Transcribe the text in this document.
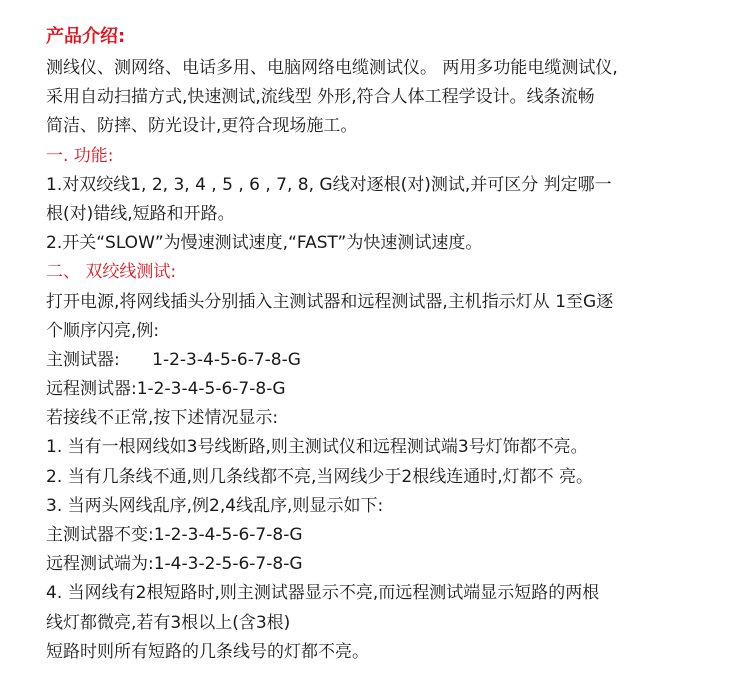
产品介绍:
测线仪、测网络、电话多用、电脑网络电缆测试仪。 两用多功能电缆测试仪,
采用自动扫描方式,快速测试,流线型 外形,符合人体工程学设计。线条流畅
简洁、防摔、防光设计,更符合现场施工。
一. 功能:
1.对双绞线1, 2, 3, 4 , 5 , 6 , 7, 8, G线对逐根(对)测试,并可区分 判定哪一
根(对)错线,短路和开路。
2.开关“SLOW”为慢速测试速度,“FAST”为快速测试速度。
二、 双绞线测试:
打开电源,将网线插头分别插入主测试器和远程测试器,主机指示灯从 1至G逐
个顺序闪亮,例:
主测试器:      1-2-3-4-5-6-7-8-G
远程测试器:1-2-3-4-5-6-7-8-G
若接线不正常,按下述情况显示:
1. 当有一根网线如3号线断路,则主测试仪和远程测试端3号灯饰都不亮。
2. 当有几条线不通,则几条线都不亮,当网线少于2根线连通时,灯都不 亮。
3. 当两头网线乱序,例2,4线乱序,则显示如下:
主测试器不变:1-2-3-4-5-6-7-8-G
远程测试端为:1-4-3-2-5-6-7-8-G
4. 当网线有2根短路时,则主测试器显示不亮,而远程测试端显示短路的两根
线灯都微亮,若有3根以上(含3根)
短路时则所有短路的几条线号的灯都不亮。
